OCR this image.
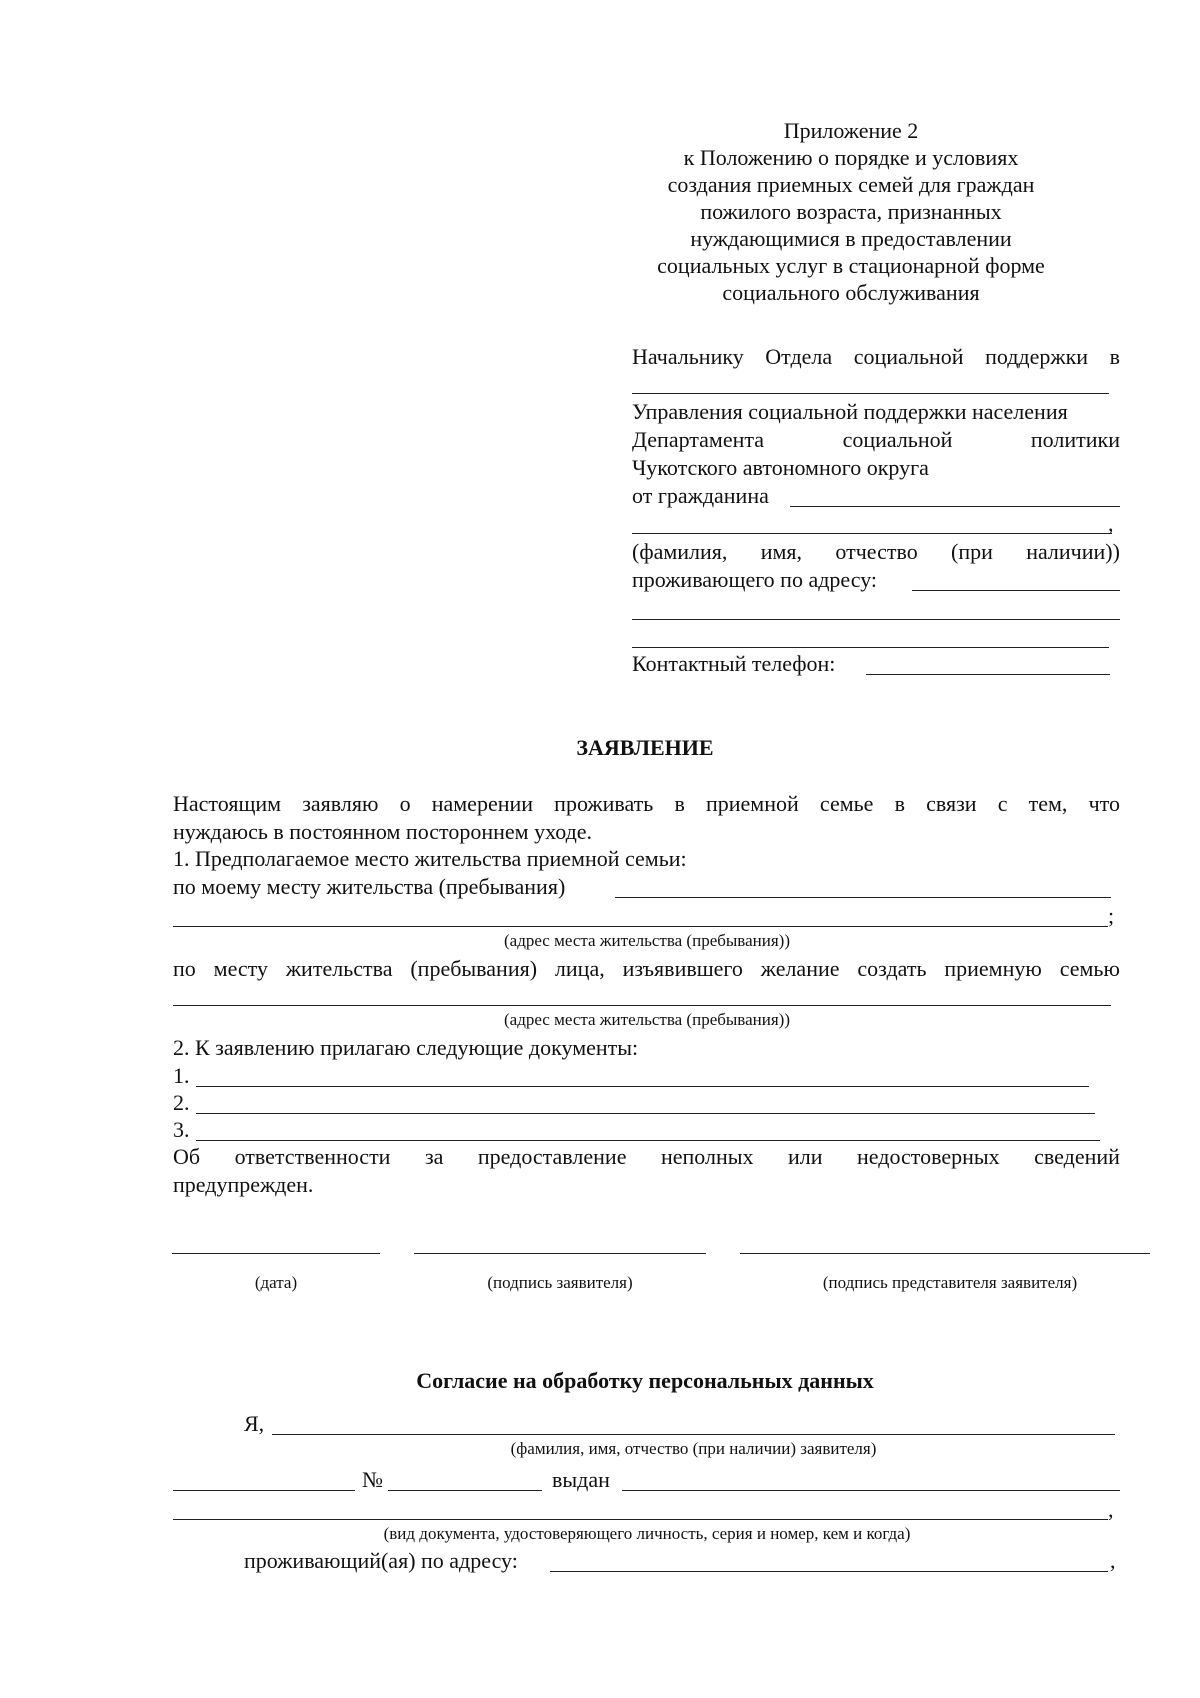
Приложение 2
к Положению о порядке и условиях
создания приемных семей для граждан
пожилого возраста, признанных
нуждающимися в предоставлении
социальных услуг в стационарной форме
социального обслуживания
Начальнику Отдела социальной поддержки в
Управления социальной поддержки населения
Департамента	социальной	политики
Чукотского автономного округа
от гражданина
,
(фамилия, имя, отчество (при наличии))
проживающего по адресу:
Контактный телефон:
ЗАЯВЛЕНИЕ
Настоящим заявляю о намерении проживать в приемной семье в связи с тем, что
нуждаюсь в постоянном постороннем уходе.
1. Предполагаемое место жительства приемной семьи:
по моему месту жительства (пребывания)
;
(адрес места жительства (пребывания))
по месту жительства (пребывания) лица, изъявившего желание создать приемную семью
(адрес места жительства (пребывания))
2. К заявлению прилагаю следующие документы:
1.
2.
3.
Об ответственности за предоставление неполных или недостоверных сведений
предупрежден.
(дата)	(подпись заявителя)	(подпись представителя заявителя)
Согласие на обработку персональных данных
Я,
(фамилия, имя, отчество (при наличии) заявителя)
№	выдан
,
(вид документа, удостоверяющего личность, серия и номер, кем и когда)
проживающий(ая) по адресу:	,
